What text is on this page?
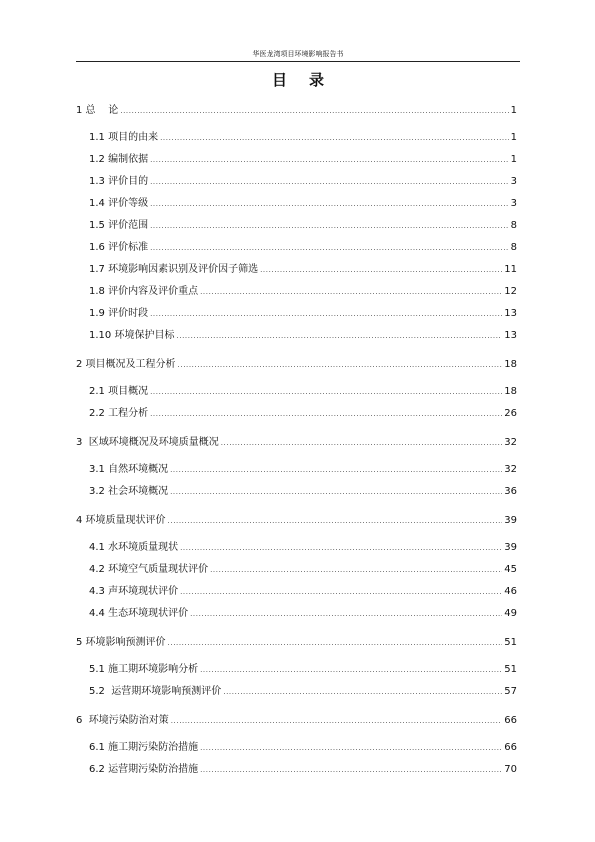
华医龙湾项目环境影响报告书
目录
1 总    论 .....	1
1.1 项目的由来 .....	1
1.2 编制依据 .....	1
1.3 评价目的 .....	3
1.4 评价等级 .....	3
1.5 评价范围 .....	8
1.6 评价标准 .....	8
1.7 环境影响因素识别及评价因子筛选 .....	11
1.8 评价内容及评价重点 .....	12
1.9 评价时段 .....	13
1.10 环境保护目标 .....	13
2 项目概况及工程分析 .....	18
2.1 项目概况 .....	18
2.2 工程分析 .....	26
3  区域环境概况及环境质量概况 .....	32
3.1 自然环境概况 .....	32
3.2 社会环境概况 .....	36
4 环境质量现状评价 .....	39
4.1 水环境质量现状 .....	39
4.2 环境空气质量现状评价 .....	45
4.3 声环境现状评价 .....	46
4.4 生态环境现状评价 .....	49
5 环境影响预测评价 .....	51
5.1 施工期环境影响分析 .....	51
5.2  运营期环境影响预测评价 .....	57
6  环境污染防治对策 .....	66
6.1 施工期污染防治措施 .....	66
6.2 运营期污染防治措施 .....	70
